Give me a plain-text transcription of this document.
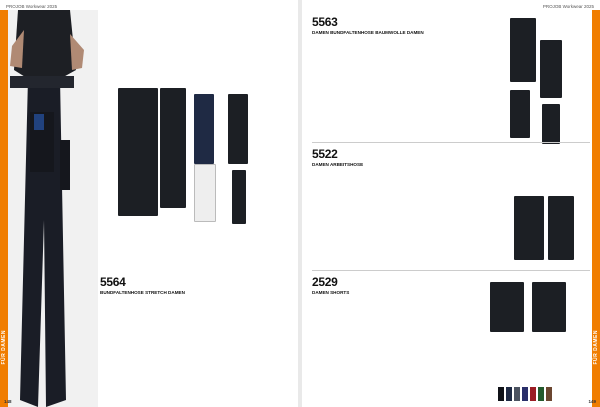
PROJOB Workwear 2025
FÜR DAMEN
5564
BUNDFALTENHOSE STRETCH DAMEN
148
PROJOB Workwear 2025
FÜR DAMEN
5563
DAMEN BUNDFALTENHOSE BAUMWOLLE DAMEN
5522
DAMEN ARBEITSHOSE
2529
DAMEN SHORTS
149
